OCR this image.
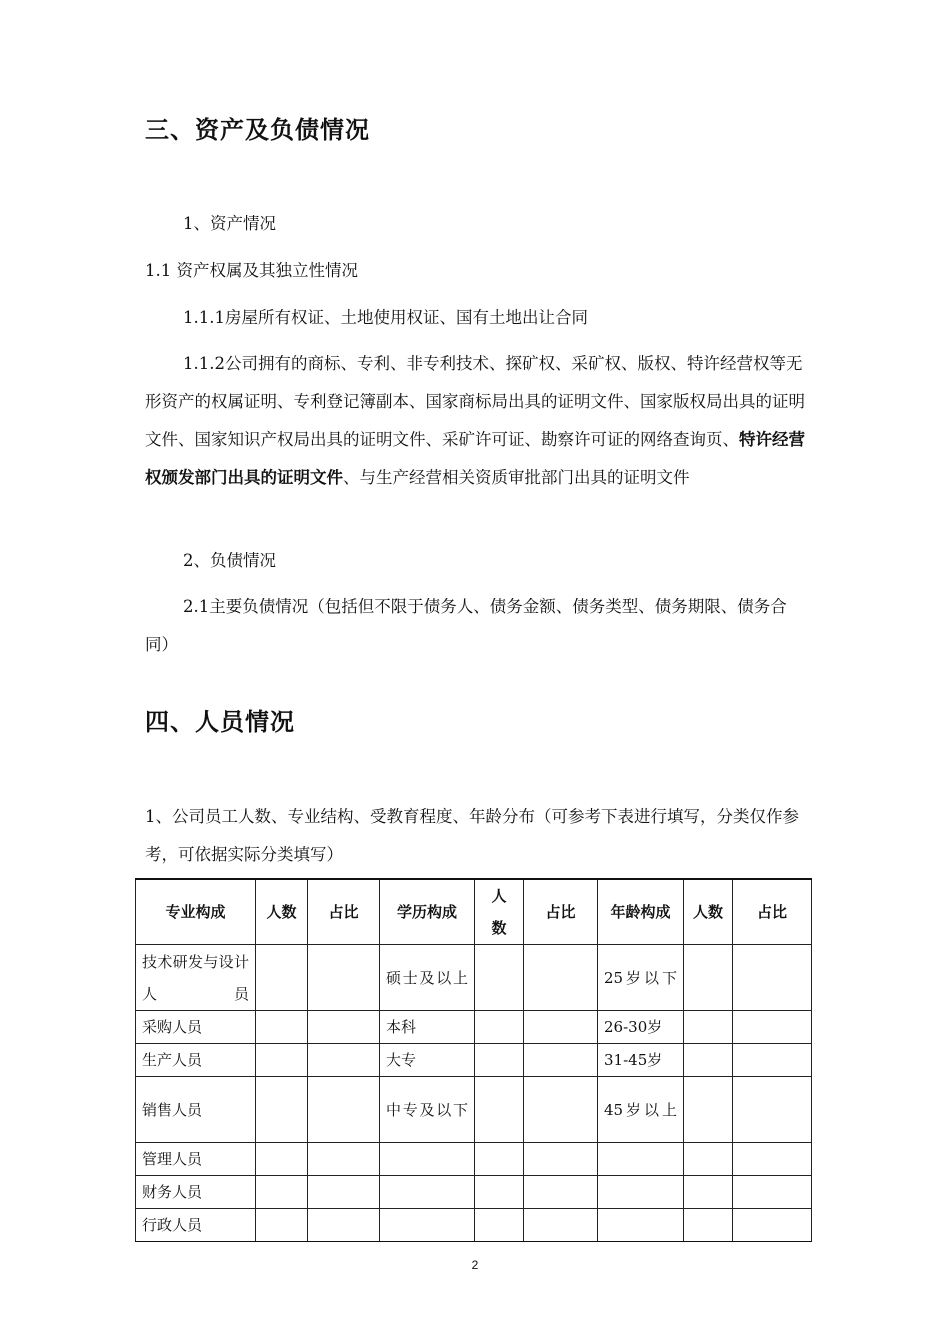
三、资产及负债情况

1、资产情况

1.1 资产权属及其独立性情况

1.1.1房屋所有权证、土地使用权证、国有土地出让合同

1.1.2公司拥有的商标、专利、非专利技术、探矿权、采矿权、版权、特许经营权等无形资产的权属证明、专利登记簿副本、国家商标局出具的证明文件、国家版权局出具的证明文件、国家知识产权局出具的证明文件、采矿许可证、勘察许可证的网络查询页、特许经营权颁发部门出具的证明文件、与生产经营相关资质审批部门出具的证明文件

2、负债情况

2.1主要负债情况（包括但不限于债务人、债务金额、债务类型、债务期限、债务合同）

四、人员情况

1、公司员工人数、专业结构、受教育程度、年龄分布（可参考下表进行填写，分类仅作参考，可依据实际分类填写）

专业构成	人数	占比	学历构成	人数	占比	年龄构成	人数	占比
技术研发与设计人员			硕士及以上			25岁以下		
采购人员			本科			26-30岁		
生产人员			大专			31-45岁		
销售人员			中专及以下			45岁以上		
管理人员								
财务人员								
行政人员								
2
